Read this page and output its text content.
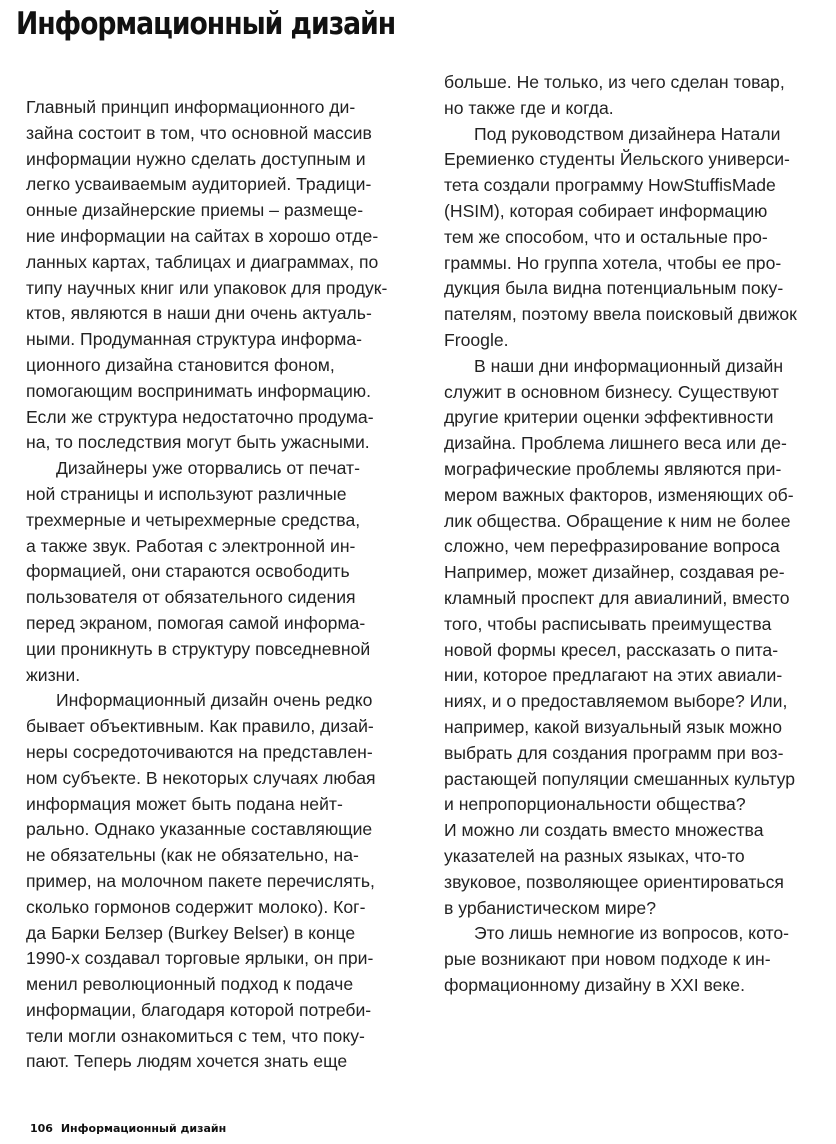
Информационный дизайн

Главный принцип информационного ди-
зайна состоит в том, что основной массив
информации нужно сделать доступным и
легко усваиваемым аудиторией. Традици-
онные дизайнерские приемы – размеще-
ние информации на сайтах в хорошо отде-
ланных картах, таблицах и диаграммах, по
типу научных книг или упаковок для продук-
ктов, являются в наши дни очень актуаль-
ными. Продуманная структура информа-
ционного дизайна становится фоном,
помогающим воспринимать информацию.
Если же структура недостаточно продума-
на, то последствия могут быть ужасными.

Дизайнеры уже оторвались от печат-
ной страницы и используют различные
трехмерные и четырехмерные средства,
а также звук. Работая с электронной ин-
формацией, они стараются освободить
пользователя от обязательного сидения
перед экраном, помогая самой информа-
ции проникнуть в структуру повседневной
жизни.

Информационный дизайн очень редко
бывает объективным. Как правило, дизай-
неры сосредоточиваются на представлен-
ном субъекте. В некоторых случаях любая
информация может быть подана нейт-
рально. Однако указанные составляющие
не обязательны (как не обязательно, на-
пример, на молочном пакете перечислять,
сколько гормонов содержит молоко). Ког-
да Барки Белзер (Burkey Belser) в конце
1990-х создавал торговые ярлыки, он при-
менил революционный подход к подаче
информации, благодаря которой потреби-
тели могли ознакомиться с тем, что поку-
пают. Теперь людям хочется знать еще

больше. Не только, из чего сделан товар,
но также где и когда.

Под руководством дизайнера Натали
Еремиенко студенты Йельского универси-
тета создали программу HowStuffisMade
(HSIM), которая собирает информацию
тем же способом, что и остальные про-
граммы. Но группа хотела, чтобы ее про-
дукция была видна потенциальным поку-
пателям, поэтому ввела поисковый движок
Froogle.

В наши дни информационный дизайн
служит в основном бизнесу. Существуют
другие критерии оценки эффективности
дизайна. Проблема лишнего веса или де-
мографические проблемы являются при-
мером важных факторов, изменяющих об-
лик общества. Обращение к ним не более
сложно, чем перефразирование вопроса
Например, может дизайнер, создавая ре-
кламный проспект для авиалиний, вместо
того, чтобы расписывать преимущества
новой формы кресел, рассказать о пита-
нии, которое предлагают на этих авиали-
ниях, и о предоставляемом выборе? Или,
например, какой визуальный язык можно
выбрать для создания программ при воз-
растающей популяции смешанных культур
и непропорциональности общества?
И можно ли создать вместо множества
указателей на разных языках, что-то
звуковое, позволяющее ориентироваться
в урбанистическом мире?

Это лишь немногие из вопросов, кото-
рые возникают при новом подходе к ин-
формационному дизайну в XXI веке.

106 Информационный дизайн
